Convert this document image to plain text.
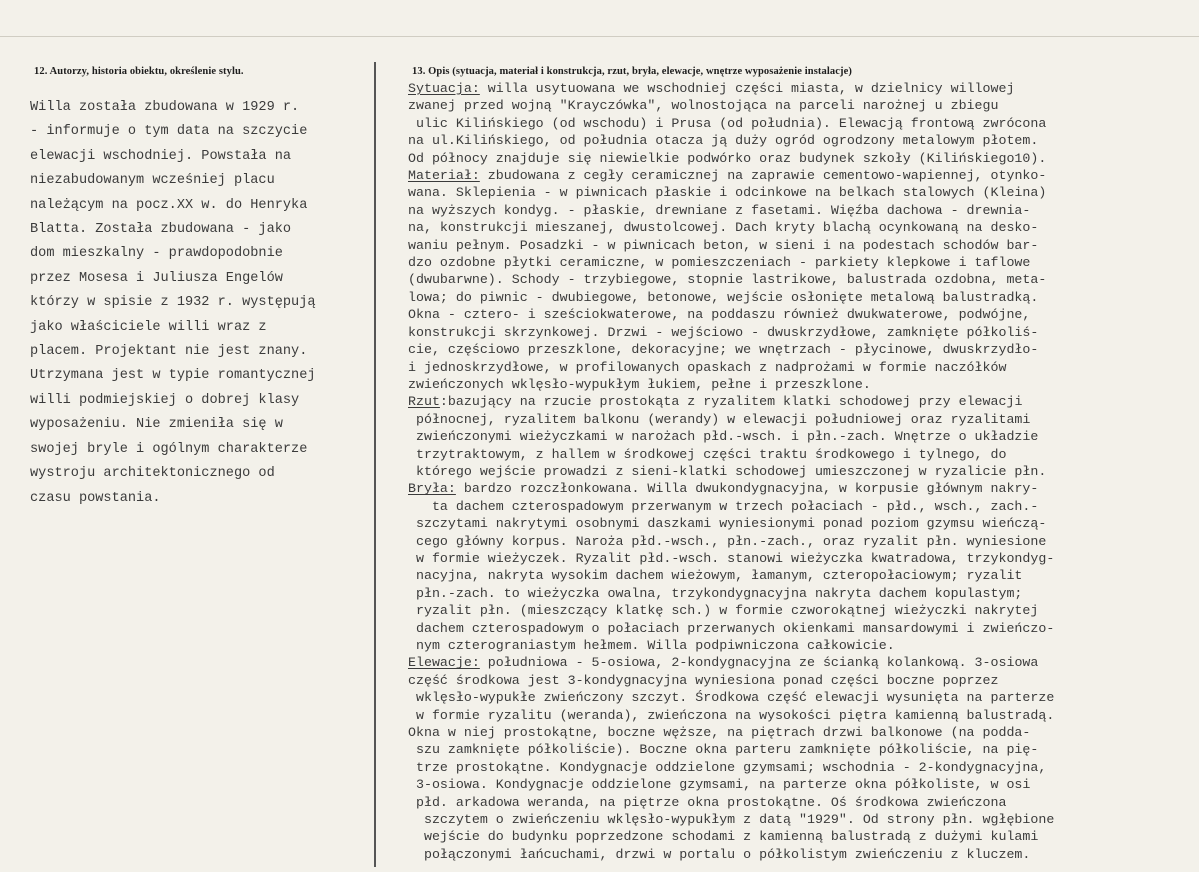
12. Autorzy, historia obiektu, określenie stylu.	13. Opis (sytuacja, materiał i konstrukcja, rzut, bryła, elewacje, wnętrze wyposażenie instalacje)
Willa została zbudowana w 1929 r.
- informuje o tym data na szczycie
elewacji wschodniej. Powstała na
niezabudowanym wcześniej placu
należącym na pocz.XX w. do Henryka
Blatta. Została zbudowana - jako
dom mieszkalny - prawdopodobnie
przez Mosesa i Juliusza Engelów
którzy w spisie z 1932 r. występują
jako właściciele willi wraz z
placem. Projektant nie jest znany.
Utrzymana jest w typie romantycznej
willi podmiejskiej o dobrej klasy
wyposażeniu. Nie zmieniła się w
swojej bryle i ogólnym charakterze
wystroju architektonicznego od
czasu powstania.
Sytuacja: willa usytuowana we wschodniej części miasta, w dzielnicy willowej
zwanej przed wojną "Krayczówka", wolnostojąca na parceli narożnej u zbiegu
ulic Kilińskiego (od wschodu) i Prusa (od południa). Elewacją frontową zwrócona
na ul.Kilińskiego, od południa otacza ją duży ogród ogrodzony metalowym płotem.
Od północy znajduje się niewielkie podwórko oraz budynek szkoły (Kilińskiego10).
Materiał: zbudowana z cegły ceramicznej na zaprawie cementowo-wapiennej, otynko-
wana. Sklepienia - w piwnicach płaskie i odcinkowe na belkach stalowych (Kleina)
na wyższych kondyg. - płaskie, drewniane z fasetami. Więźba dachowa - drewnia-
na, konstrukcji mieszanej, dwustolcowej. Dach kryty blachą ocynkowaną na desko-
waniu pełnym. Posadzki - w piwnicach beton, w sieni i na podestach schodów bar-
dzo ozdobne płytki ceramiczne, w pomieszczeniach - parkiety klepkowe i taflowe
(dwubarwne). Schody - trzybiegowe, stopnie lastrikowe, balustrada ozdobna, meta-
lowa; do piwnic - dwubiegowe, betonowe, wejście osłonięte metalową balustradką.
Okna - cztero- i sześciokwaterowe, na poddaszu również dwukwaterowe, podwójne,
konstrukcji skrzynkowej. Drzwi - wejściowo - dwuskrzydłowe, zamknięte półkoliś-
cie, częściowo przeszklone, dekoracyjne; we wnętrzach - płycinowe, dwuskrzydło-
i jednoskrzydłowe, w profilowanych opaskach z nadprożami w formie naczółków
zwieńczonych wklęsło-wypukłym łukiem, pełne i przeszklone.
Rzut:bazujący na rzucie prostokąta z ryzalitem klatki schodowej przy elewacji
północnej, ryzalitem balkonu (werandy) w elewacji południowej oraz ryzalitami
zwieńczonymi wieżyczkami w narożach płd.-wsch. i płn.-zach. Wnętrze o układzie
trzytraktowym, z hallem w środkowej części traktu środkowego i tylnego, do
którego wejście prowadzi z sieni-klatki schodowej umieszczonej w ryzalicie płn.
Bryła: bardzo rozczłonkowana. Willa dwukondygnacyjna, w korpusie głównym nakry-
ta dachem czterospadowym przerwanym w trzech połaciach - płd., wsch., zach.-
szczytami nakrytymi osobnymi daszkami wyniesionymi ponad poziom gzymsu wieńczą-
cego główny korpus. Naroża płd.-wsch., płn.-zach., oraz ryzalit płn. wyniesione
w formie wieżyczek. Ryzalit płd.-wsch. stanowi wieżyczka kwatradowa, trzykondyg-
nacyjna, nakryta wysokim dachem wieżowym, łamanym, czteropołaciowym; ryzalit
płn.-zach. to wieżyczka owalna, trzykondygnacyjna nakryta dachem kopulastym;
ryzalit płn. (mieszczący klatkę sch.) w formie czworokątnej wieżyczki nakrytej
dachem czterospadowym o połaciach przerwanych okienkami mansardowymi i zwieńczo-
nym czterograniastym hełmem. Willa podpiwniczona całkowicie.
Elewacje: południowa - 5-osiowa, 2-kondygnacyjna ze ścianką kolankową. 3-osiowa
część środkowa jest 3-kondygnacyjna wyniesiona ponad części boczne poprzez
wklęsło-wypukłe zwieńczony szczyt. Środkowa część elewacji wysunięta na parterze
w formie ryzalitu (weranda), zwieńczona na wysokości piętra kamienną balustradą.
Okna w niej prostokątne, boczne węższe, na piętrach drzwi balkonowe (na podda-
szu zamknięte półkoliście). Boczne okna parteru zamknięte półkoliście, na pię-
trze prostokątne. Kondygnacje oddzielone gzymsami; wschodnia - 2-kondygnacyjna,
3-osiowa. Kondygnacje oddzielone gzymsami, na parterze okna półkoliste, w osi
płd. arkadowa weranda, na piętrze okna prostokątne. Oś środkowa zwieńczona
szczytem o zwieńczeniu wklęsło-wypukłym z datą "1929". Od strony płn. wgłębione
wejście do budynku poprzedzone schodami z kamienną balustradą z dużymi kulami
połączonymi łańcuchami, drzwi w portalu o półkolistym zwieńczeniu z kluczem.
